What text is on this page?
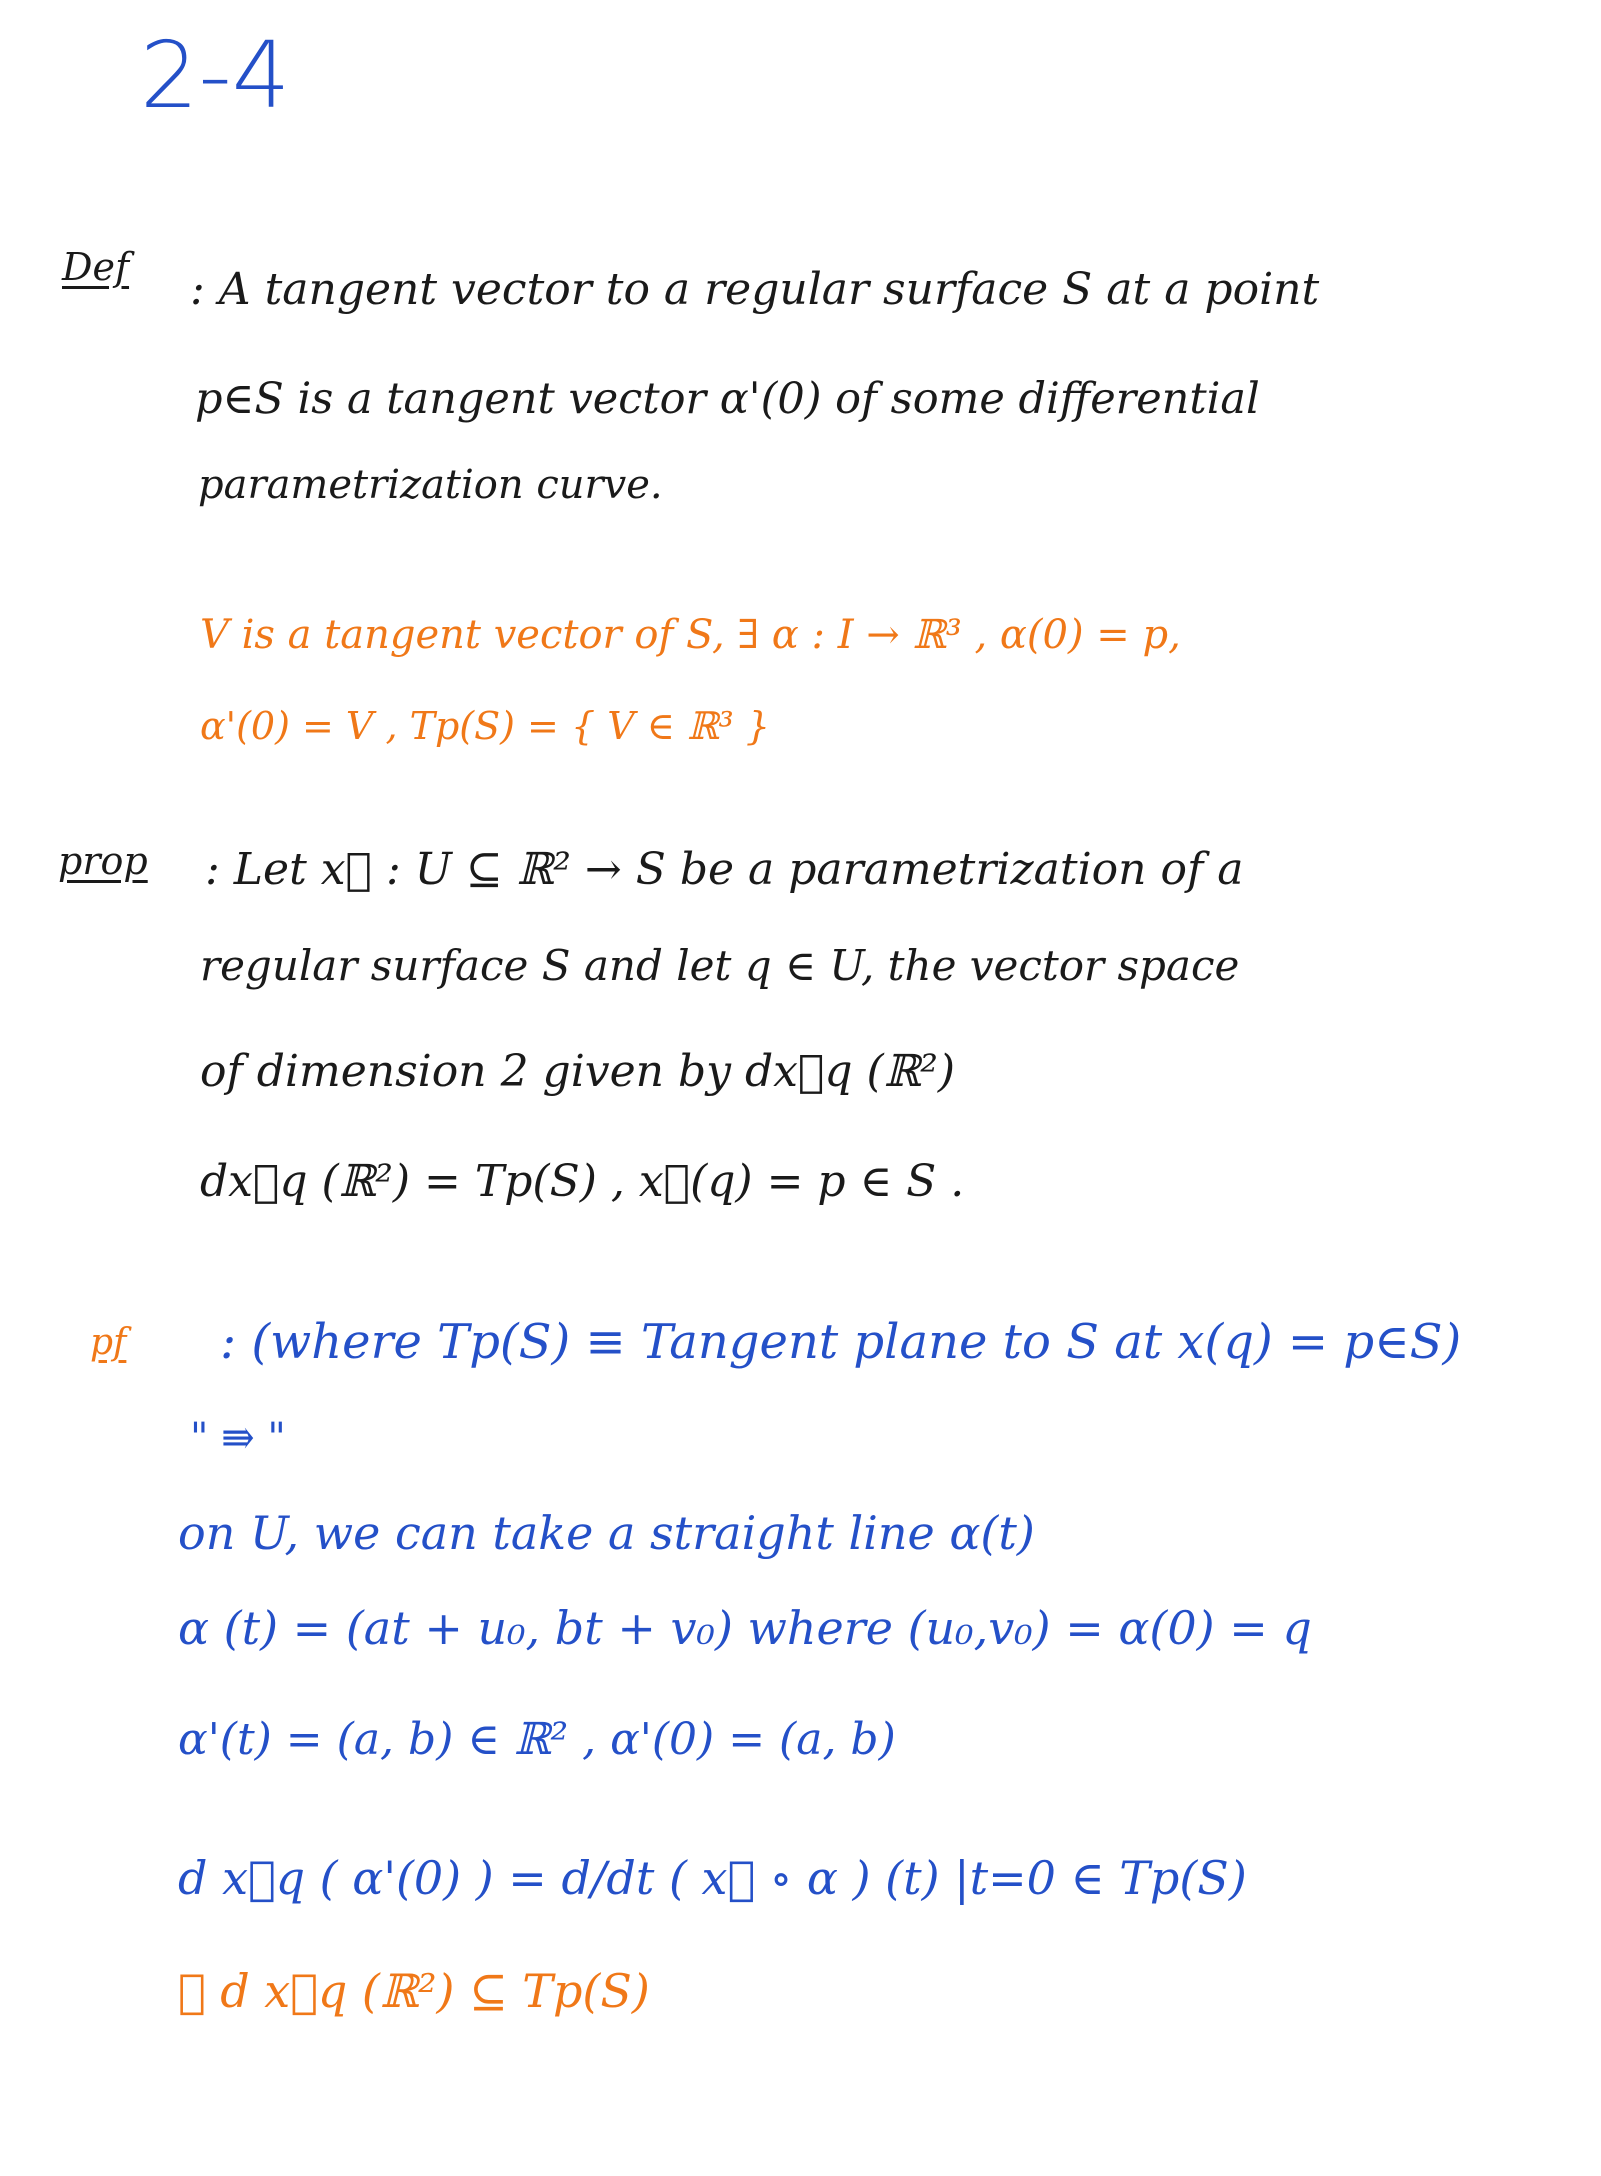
2-4
Def : A tangent vector to a regular surface S at a point
p∈S is a tangent vector α'(0) of some differential
parametrization curve.
V is a tangent vector of S, ∃ α : I → ℝ³ , α(0) = p,
α'(0) = V , Tp(S) = { V ∈ ℝ³ }
prop : Let x⃗ : U ⊆ ℝ² → S be a parametrization of a
regular surface S and let q ∈ U, the vector space
of dimension 2 given by dx⃗q (ℝ²)
dx⃗q (ℝ²) = Tp(S) , x⃗(q) = p ∈ S .
pf : (where Tp(S) ≡ Tangent plane to S at x(q) = p∈S)
" ⇛ "
on U, we can take a straight line α(t)
α (t) = (at + u₀, bt + v₀) where (u₀,v₀) = α(0) = q
α'(t) = (a, b) ∈ ℝ² , α'(0) = (a, b)
d x⃗q ( α'(0) ) = d/dt ( x⃗ ∘ α ) (t) |t=0 ∈ Tp(S)
∴ d x⃗q (ℝ²) ⊆ Tp(S)
